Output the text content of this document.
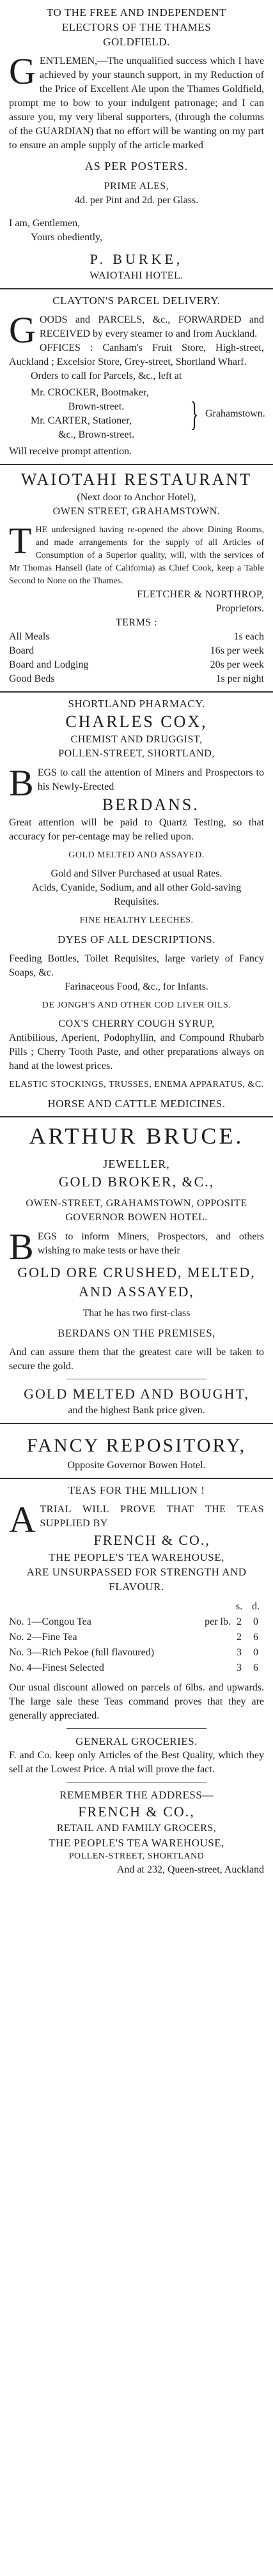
TO THE FREE AND INDEPENDENT

ELECTORS OF THE THAMES

GOLDFIELD.

GENTLEMEN,—The unqualified success which I have achieved by your staunch support, in my Reduction of the Price of Excellent Ale upon the Thames Goldfield, prompt me to bow to your indulgent patronage; and I can assure you, my very liberal supporters, (through the columns of the GUARDIAN) that no effort will be wanting on my part to ensure an ample supply of the article marked

AS PER POSTERS.

PRIME ALES,

4d. per Pint and 2d. per Glass.

I am, Gentlemen,

Yours obediently,

P. BURKE,

WAIOTAHI HOTEL.

CLAYTON'S PARCEL DELIVERY.

GOODS and PARCELS, &c., FORWARDED and RECEIVED by every steamer to and from Auckland.

OFFICES : Canham's Fruit Store, High-street, Auckland ; Excelsior Store, Grey-street, Shortland Wharf.

Orders to call for Parcels, &c., left at

Mr. CROCKER, Bootmaker,

Brown-street.

Mr. CARTER, Stationer,

&c., Brown-street.

} Grahamstown.

Will receive prompt attention.

WAIOTAHI RESTAURANT

(Next door to Anchor Hotel),

OWEN STREET, GRAHAMSTOWN.

THE undersigned having re-opened the above Dining Rooms, and made arrangements for the supply of all Articles of Consumption of a Superior quality, will, with the services of Mr Thomas Hansell (late of California) as Chief Cook, keep a Table Second to None on the Thames.

FLETCHER & NORTHROP,

Proprietors.

TERMS :

All Meals	1s each
Board	16s per week
Board and Lodging	20s per week
Good Beds	1s per night

SHORTLAND PHARMACY.

CHARLES COX,

CHEMIST AND DRUGGIST,

POLLEN-STREET, SHORTLAND,

BEGS to call the attention of Miners and Prospectors to his Newly-Erected

BERDANS.

Great attention will be paid to Quartz Testing, so that accuracy for per-centage may be relied upon.

GOLD MELTED AND ASSAYED.

Gold and Silver Purchased at usual Rates.

Acids, Cyanide, Sodium, and all other Gold-saving Requisites.

FINE HEALTHY LEECHES.

DYES OF ALL DESCRIPTIONS.

Feeding Bottles, Toilet Requisites, large variety of Fancy Soaps, &c.

Farinaceous Food, &c., for Infants.

DE JONGH'S AND OTHER COD LIVER OILS.

COX'S CHERRY COUGH SYRUP,

Antibilious, Aperient, Podophyllin, and Compound Rhubarb Pills ; Cherry Tooth Paste, and other preparations always on hand at the lowest prices.

ELASTIC STOCKINGS, TRUSSES, ENEMA APPARATUS, &C.

HORSE AND CATTLE MEDICINES.

ARTHUR BRUCE.

JEWELLER,

GOLD BROKER, &C.,

OWEN-STREET, GRAHAMSTOWN, OPPOSITE GOVERNOR BOWEN HOTEL.

BEGS to inform Miners, Prospectors, and others wishing to make tests or have their

GOLD ORE CRUSHED, MELTED,

AND ASSAYED,

That he has two first-class

BERDANS ON THE PREMISES,

And can assure them that the greatest care will be taken to secure the gold.

GOLD MELTED AND BOUGHT,

and the highest Bank price given.

FANCY REPOSITORY,

Opposite Governor Bowen Hotel.

TEAS FOR THE MILLION !

ATRIAL WILL PROVE THAT THE TEAS SUPPLIED BY

FRENCH & CO.,

THE PEOPLE'S TEA WAREHOUSE,

ARE UNSURPASSED FOR STRENGTH AND FLAVOUR.

s. d.
No. 1—Congou Tea	per lb. 2	0
No. 2—Fine Tea	2	6
No. 3—Rich Pekoe (full flavoured)	3	0
No. 4—Finest Selected	3	6

Our usual discount allowed on parcels of 6lbs. and upwards. The large sale these Teas command proves that they are generally appreciated.

GENERAL GROCERIES.

F. and Co. keep only Articles of the Best Quality, which they sell at the Lowest Price. A trial will prove the fact.

REMEMBER THE ADDRESS—

FRENCH & CO.,

RETAIL AND FAMILY GROCERS,

THE PEOPLE'S TEA WAREHOUSE,

POLLEN-STREET, SHORTLAND

And at 232, Queen-street, Auckland
